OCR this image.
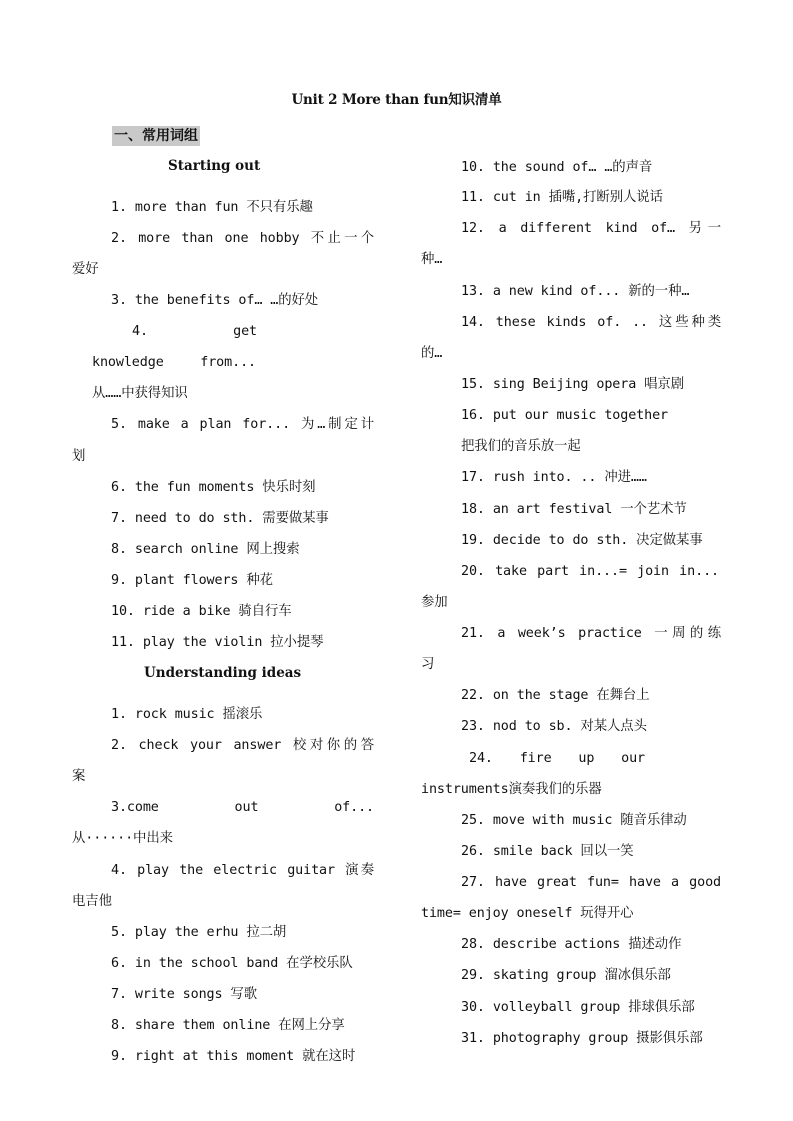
Unit 2 More than fun知识清单
一、常用词组
Starting out
1. more than fun 不只有乐趣
2. more than one hobby 不止一个
爱好
3. the benefits of… …的好处
4. get
knowledge from...
从……中获得知识
5. make a plan for... 为…制定计
划
6. the fun moments 快乐时刻
7. need to do sth. 需要做某事
8. search online 网上搜索
9. plant flowers 种花
10. ride a bike 骑自行车
11. play the violin 拉小提琴
Understanding ideas
1. rock music 摇滚乐
2. check your answer 校对你的答
案
3.come out of...
从······中出来
4. play the electric guitar 演奏
电吉他
5. play the erhu 拉二胡
6. in the school band 在学校乐队
7. write songs 写歌
8. share them online 在网上分享
9. right at this moment 就在这时
10. the sound of… …的声音
11. cut in 插嘴,打断别人说话
12. a different kind of… 另一
种…
13. a new kind of... 新的一种…
14. these kinds of. .. 这些种类
的…
15. sing Beijing opera 唱京剧
16. put our music together
把我们的音乐放一起
17. rush into. .. 冲进……
18. an art festival 一个艺术节
19. decide to do sth. 决定做某事
20. take part in...= join in...
参加
21. a week’s practice 一周的练
习
22. on the stage 在舞台上
23. nod to sb. 对某人点头
24. fire up our
instruments演奏我们的乐器
25. move with music 随音乐律动
26. smile back 回以一笑
27. have great fun= have a good
time= enjoy oneself 玩得开心
28. describe actions 描述动作
29. skating group 溜冰俱乐部
30. volleyball group 排球俱乐部
31. photography group 摄影俱乐部
